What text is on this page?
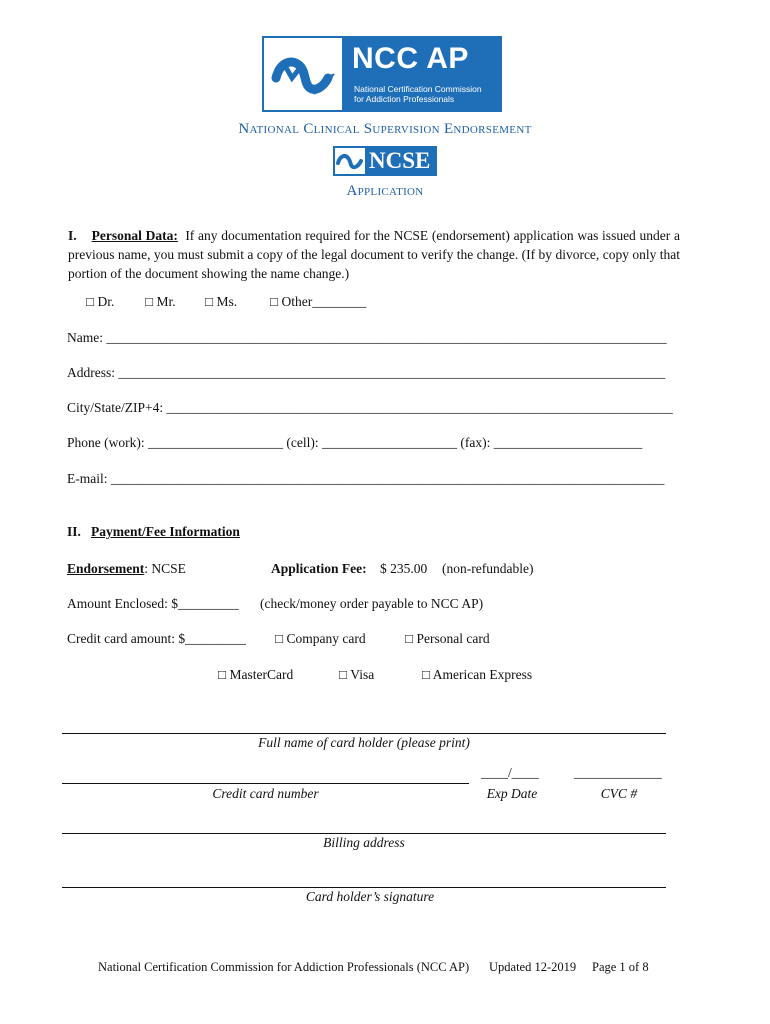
NCC AP
National Certification Commission
for Addiction Professionals
National Clinical Supervision Endorsement
NCSE
Application
I. Personal Data: If any documentation required for the NCSE (endorsement) application was issued under a previous name, you must submit a copy of the legal document to verify the change. (If by divorce, copy only that portion of the document showing the name change.)
□ Dr. □ Mr. □ Ms. □ Other________
Name: ___________________________________________________________________________________
Address: _________________________________________________________________________________
City/State/ZIP+4: ___________________________________________________________________________
Phone (work): ____________________ (cell): ____________________ (fax): ______________________
E-mail: __________________________________________________________________________________
II. Payment/Fee Information
Endorsement: NCSE	Application Fee: $ 235.00 (non-refundable)
Amount Enclosed: $_________ (check/money order payable to NCC AP)
Credit card amount: $_________ □ Company card	□ Personal card
□ MasterCard	□ Visa	□ American Express
Full name of card holder (please print)
Credit card number
____/____
Exp Date
_____________
CVC #
Billing address
Card holder’s signature
National Certification Commission for Addiction Professionals (NCC AP) Updated 12-2019 Page 1 of 8
